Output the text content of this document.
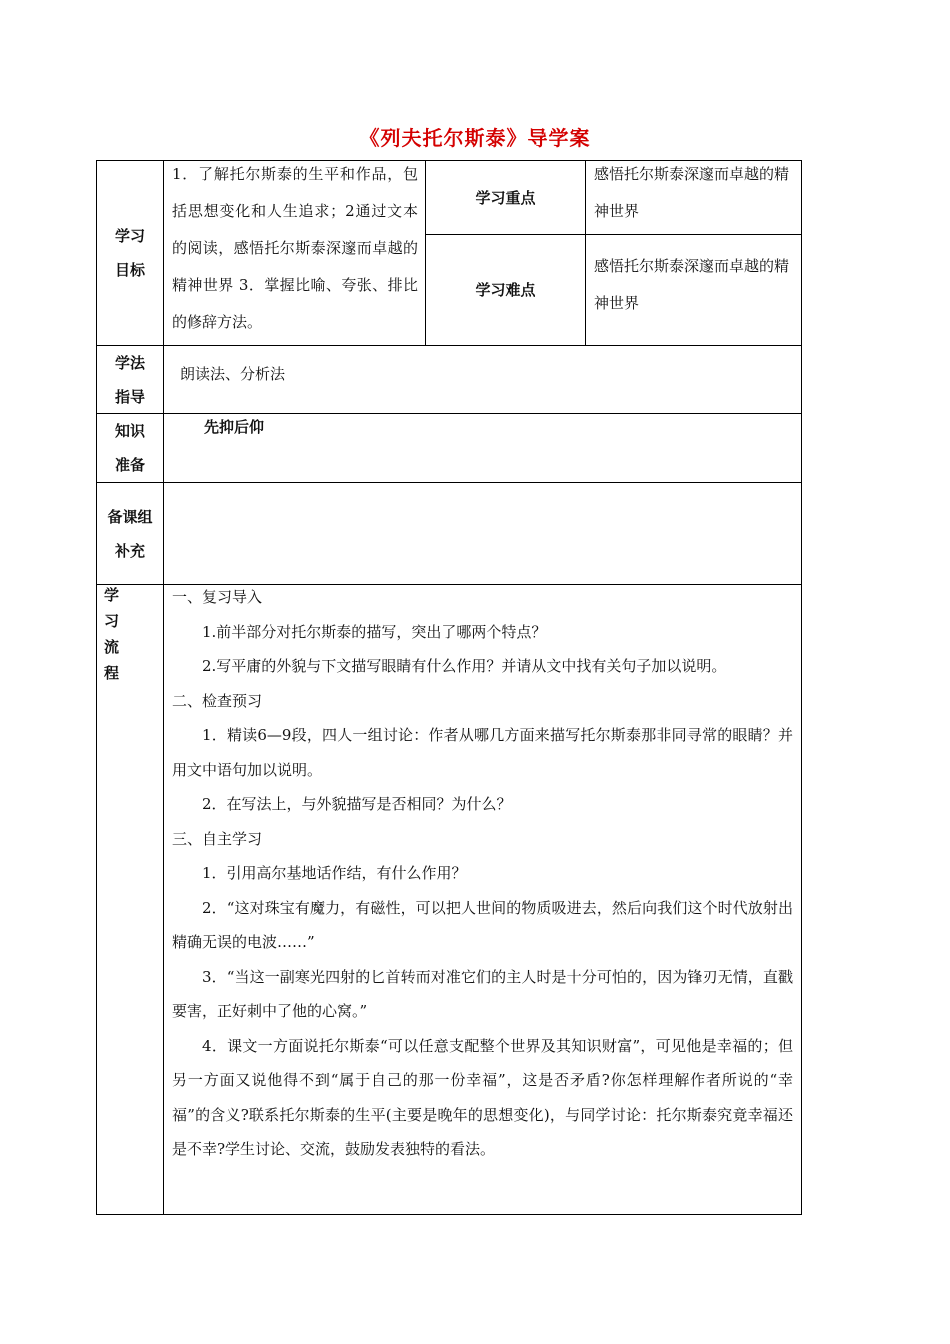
《列夫托尔斯泰》导学案
学习
目标

1．了解托尔斯泰的生平和作品，包括思想变化和人生追求；2通过文本的阅读，感悟托尔斯泰深邃而卓越的精神世界 3．掌握比喻、夸张、排比的修辞方法。

学习重点

感悟托尔斯泰深邃而卓越的精神世界

学习难点

感悟托尔斯泰深邃而卓越的精神世界

学法
指导
朗读法、分析法
知识
准备
先抑后仰
备课组
补充
学
习
流
程

一、复习导入

1.前半部分对托尔斯泰的描写，突出了哪两个特点？

2.写平庸的外貌与下文描写眼睛有什么作用？并请从文中找有关句子加以说明。

二、检查预习

1．精读6—9段，四人一组讨论：作者从哪几方面来描写托尔斯泰那非同寻常的眼睛？并用文中语句加以说明。

2．在写法上，与外貌描写是否相同？为什么？

三、自主学习

1．引用高尔基地话作结，有什么作用？

2．“这对珠宝有魔力，有磁性，可以把人世间的物质吸进去，然后向我们这个时代放射出精确无误的电波……”

3．“当这一副寒光四射的匕首转而对准它们的主人时是十分可怕的，因为锋刃无情，直戳要害，正好刺中了他的心窝。”

4．课文一方面说托尔斯泰“可以任意支配整个世界及其知识财富”，可见他是幸福的；但另一方面又说他得不到“属于自己的那一份幸福”，这是否矛盾?你怎样理解作者所说的“幸福”的含义?联系托尔斯泰的生平(主要是晚年的思想变化)，与同学讨论：托尔斯泰究竟幸福还是不幸?学生讨论、交流，鼓励发表独特的看法。
